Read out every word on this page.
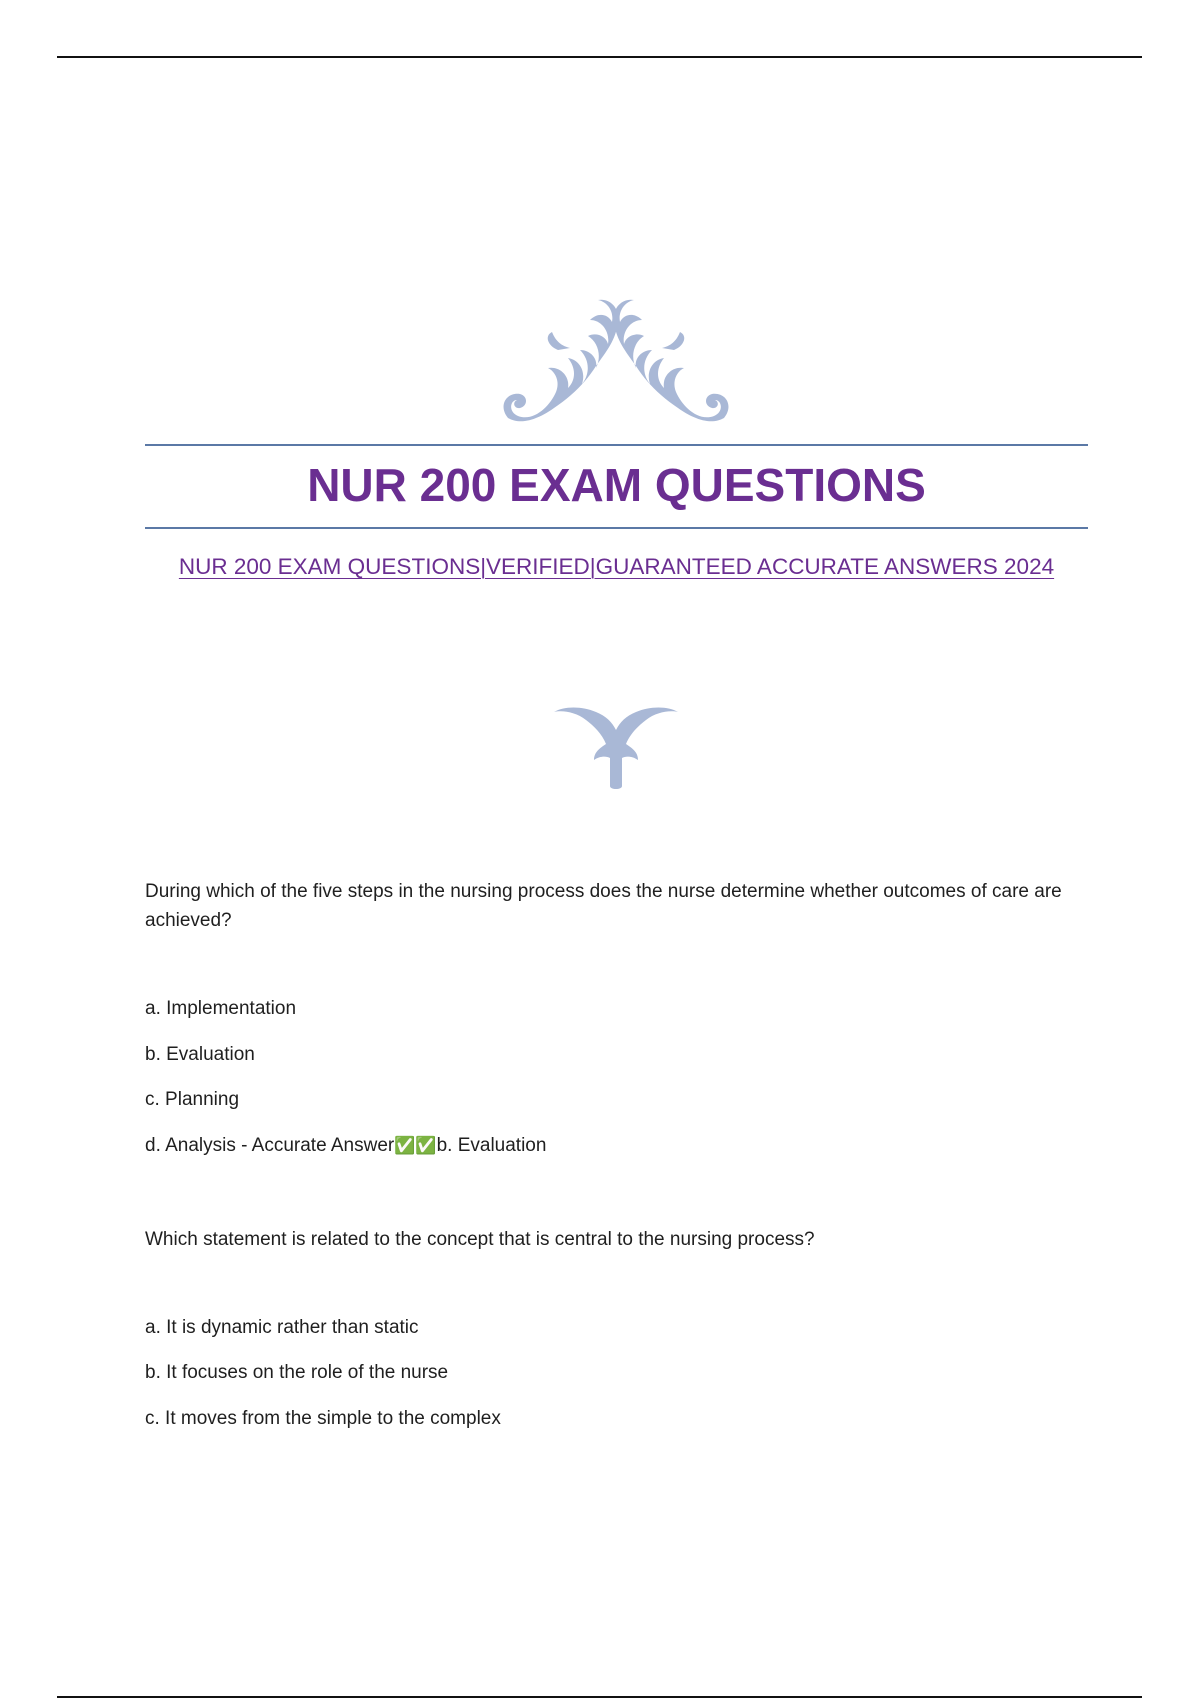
NUR 200 EXAM QUESTIONS

NUR 200 EXAM QUESTIONS|VERIFIED|GUARANTEED ACCURATE ANSWERS 2024

During which of the five steps in the nursing process does the nurse determine whether outcomes of care are achieved?

a. Implementation

b. Evaluation

c. Planning

d. Analysis - Accurate Answer✅✅b. Evaluation

Which statement is related to the concept that is central to the nursing process?

a. It is dynamic rather than static

b. It focuses on the role of the nurse

c. It moves from the simple to the complex
